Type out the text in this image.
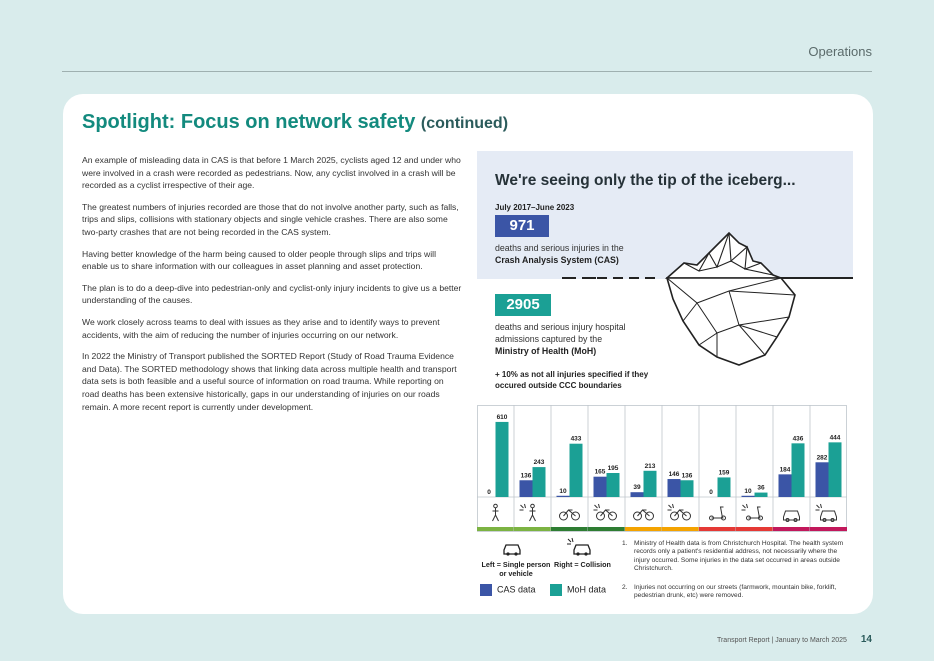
Operations
Spotlight: Focus on network safety (continued)

An example of misleading data in CAS is that before 1 March 2025, cyclists aged 12 and under who were involved in a crash were recorded as pedestrians. Now, any cyclist involved in a crash will be recorded as a cyclist irrespective of their age.

The greatest numbers of injuries recorded are those that do not involve another party, such as falls, trips and slips, collisions with stationary objects and single vehicle crashes. There are also some two-party crashes that are not being recorded in the CAS system.

Having better knowledge of the harm being caused to older people through slips and trips will enable us to share information with our colleagues in asset planning and asset protection.

The plan is to do a deep-dive into pedestrian-only and cyclist-only injury incidents to give us a better understanding of the causes.

We work closely across teams to deal with issues as they arise and to identify ways to prevent accidents, with the aim of reducing the number of injuries occurring on our network.

In 2022 the Ministry of Transport published the SORTED Report (Study of Road Trauma Evidence and Data). The SORTED methodology shows that linking data across multiple health and transport data sets is both feasible and a useful source of information on road trauma. While reporting on road deaths has been extensive historically, gaps in our understanding of injuries on our roads remain. A more recent report is currently under development.

We're seeing only the tip of the iceberg...
July 2017–June 2023
971
deaths and serious injuries in the
Crash Analysis System (CAS)
2905
deaths and serious injury hospital admissions captured by the
Ministry of Health (MoH)
+ 10% as not all injuries specified if they occured outside CCC boundaries
0
610
136
243
10
433
165
195
39
213
146 136
0
159
10 36
184
436
282
444
Left = Single person or vehicle
Right = Collision
CAS data	MoH data
1. Ministry of Health data is from Christchurch Hospital. The health system records only a patient's residential address, not necessarily where the injury occurred. Some injuries in the data set occurred in areas outside Christchurch.
2. Injuries not occurring on our streets (farmwork, mountain bike, forklift, pedestrian drunk, etc) were removed.
Transport Report | January to March 2025 14
